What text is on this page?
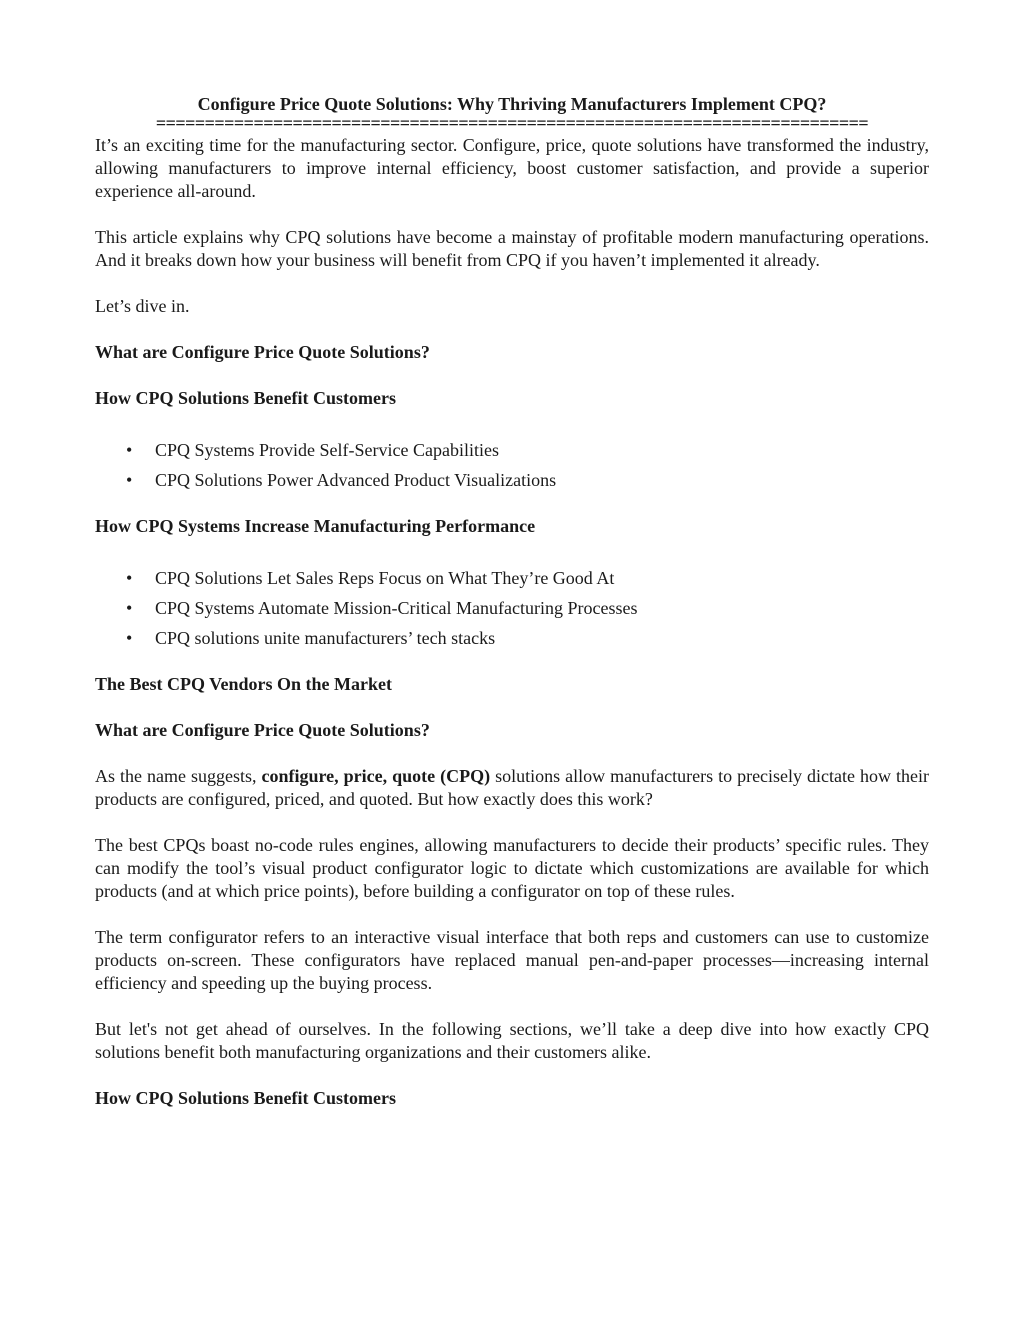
Configure Price Quote Solutions: Why Thriving Manufacturers Implement CPQ?
=========================================================================

It’s an exciting time for the manufacturing sector. Configure, price, quote solutions have transformed the industry, allowing manufacturers to improve internal efficiency, boost customer satisfaction, and provide a superior experience all-around.

This article explains why CPQ solutions have become a mainstay of profitable modern manufacturing operations. And it breaks down how your business will benefit from CPQ if you haven’t implemented it already.

Let’s dive in.

What are Configure Price Quote Solutions?
How CPQ Solutions Benefit Customers
• CPQ Systems Provide Self-Service Capabilities
• CPQ Solutions Power Advanced Product Visualizations
How CPQ Systems Increase Manufacturing Performance
• CPQ Solutions Let Sales Reps Focus on What They’re Good At
• CPQ Systems Automate Mission-Critical Manufacturing Processes
• CPQ solutions unite manufacturers’ tech stacks
The Best CPQ Vendors On the Market
What are Configure Price Quote Solutions?

As the name suggests, configure, price, quote (CPQ) solutions allow manufacturers to precisely dictate how their products are configured, priced, and quoted. But how exactly does this work?

The best CPQs boast no-code rules engines, allowing manufacturers to decide their products’ specific rules. They can modify the tool’s visual product configurator logic to dictate which customizations are available for which products (and at which price points), before building a configurator on top of these rules.

The term configurator refers to an interactive visual interface that both reps and customers can use to customize products on-screen. These configurators have replaced manual pen-and-paper processes—increasing internal efficiency and speeding up the buying process.

But let's not get ahead of ourselves. In the following sections, we’ll take a deep dive into how exactly CPQ solutions benefit both manufacturing organizations and their customers alike.

How CPQ Solutions Benefit Customers
